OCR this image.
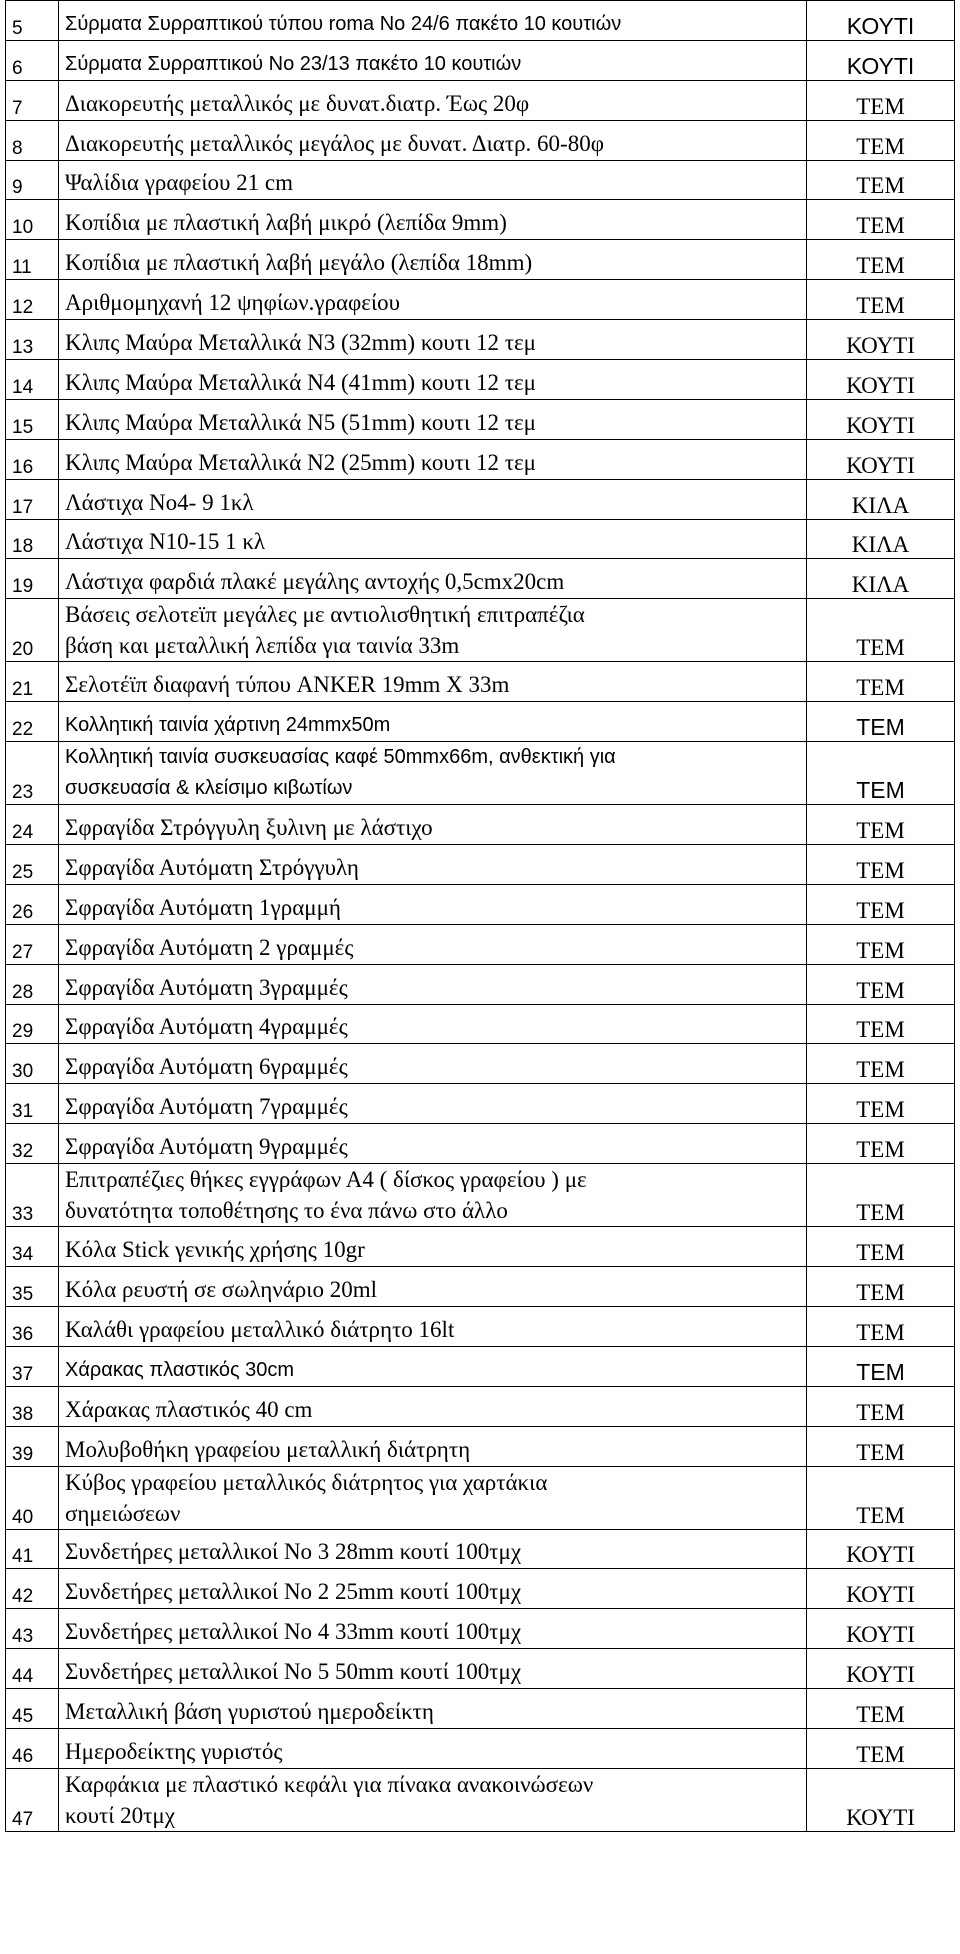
5	Σύρματα Συρραπτικού τύπου roma Νο 24/6 πακέτο 10 κουτιών	ΚΟΥΤΙ
6	Σύρματα Συρραπτικού Νο 23/13 πακέτο 10 κουτιών	ΚΟΥΤΙ
7	Διακορευτής μεταλλικός με δυνατ.διατρ. Έως 20φ	ΤΕΜ
8	Διακορευτής μεταλλικός μεγάλος με δυνατ. Διατρ. 60-80φ	ΤΕΜ
9	Ψαλίδια γραφείου 21 cm	ΤΕΜ
10	Κοπίδια με πλαστική λαβή μικρό (λεπίδα 9mm)	ΤΕΜ
11	Κοπίδια με πλαστική λαβή μεγάλο (λεπίδα 18mm)	ΤΕΜ
12	Αριθμομηχανή 12 ψηφίων.γραφείου	ΤΕΜ
13	Κλιπς Μαύρα Μεταλλικά Ν3 (32mm) κουτι 12 τεμ	ΚΟΥΤΙ
14	Κλιπς Μαύρα Μεταλλικά Ν4 (41mm) κουτι 12 τεμ	ΚΟΥΤΙ
15	Κλιπς Μαύρα Μεταλλικά Ν5 (51mm) κουτι 12 τεμ	ΚΟΥΤΙ
16	Κλιπς Μαύρα Μεταλλικά Ν2 (25mm) κουτι 12 τεμ	ΚΟΥΤΙ
17	Λάστιχα Νο4- 9 1κλ	ΚΙΛΑ
18	Λάστιχα Ν10-15 1 κλ	ΚΙΛΑ
19	Λάστιχα φαρδιά πλακέ μεγάλης αντοχής 0,5cmx20cm	ΚΙΛΑ
20	Βάσεις σελοτεϊπ μεγάλες με αντιολισθητική επιτραπέζια
βάση και μεταλλική λεπίδα για ταινία 33m	ΤΕΜ
21	Σελοτέϊπ διαφανή τύπου ANKER 19mm X 33m	ΤΕΜ
22	Κολλητική ταινία χάρτινη 24mmx50m	ΤΕΜ
23	Κολλητική ταινία συσκευασίας καφέ 50mmx66m, ανθεκτική για
συσκευασία & κλείσιμο κιβωτίων	ΤΕΜ
24	Σφραγίδα Στρόγγυλη ξυλινη με λάστιχο	ΤΕΜ
25	Σφραγίδα Αυτόματη Στρόγγυλη	ΤΕΜ
26	Σφραγίδα Αυτόματη 1γραμμή	ΤΕΜ
27	Σφραγίδα Αυτόματη 2 γραμμές	ΤΕΜ
28	Σφραγίδα Αυτόματη 3γραμμές	ΤΕΜ
29	Σφραγίδα Αυτόματη 4γραμμές	ΤΕΜ
30	Σφραγίδα Αυτόματη 6γραμμές	ΤΕΜ
31	Σφραγίδα Αυτόματη 7γραμμές	ΤΕΜ
32	Σφραγίδα Αυτόματη 9γραμμές	ΤΕΜ
33	Επιτραπέζιες θήκες εγγράφων Α4 ( δίσκος γραφείου ) με
δυνατότητα τοποθέτησης το ένα πάνω στο άλλο	ΤΕΜ
34	Κόλα Stick γενικής χρήσης 10gr	ΤΕΜ
35	Κόλα ρευστή σε σωληνάριο 20ml	ΤΕΜ
36	Καλάθι γραφείου μεταλλικό διάτρητο 16lt	ΤΕΜ
37	Χάρακας πλαστικός 30cm	ΤΕΜ
38	Χάρακας πλαστικός 40 cm	ΤΕΜ
39	Μολυβοθήκη γραφείου μεταλλική διάτρητη	ΤΕΜ
40	Κύβος γραφείου μεταλλικός διάτρητος για χαρτάκια
σημειώσεων	ΤΕΜ
41	Συνδετήρες μεταλλικοί Νο 3 28mm κουτί 100τμχ	ΚΟΥΤΙ
42	Συνδετήρες μεταλλικοί Νο 2 25mm κουτί 100τμχ	ΚΟΥΤΙ
43	Συνδετήρες μεταλλικοί Νο 4 33mm κουτί 100τμχ	ΚΟΥΤΙ
44	Συνδετήρες μεταλλικοί Νο 5 50mm κουτί 100τμχ	ΚΟΥΤΙ
45	Μεταλλική βάση γυριστού ημεροδείκτη	ΤΕΜ
46	Ημεροδείκτης γυριστός	ΤΕΜ
47	Καρφάκια με πλαστικό κεφάλι για πίνακα ανακοινώσεων
κουτί 20τμχ	ΚΟΥΤΙ
